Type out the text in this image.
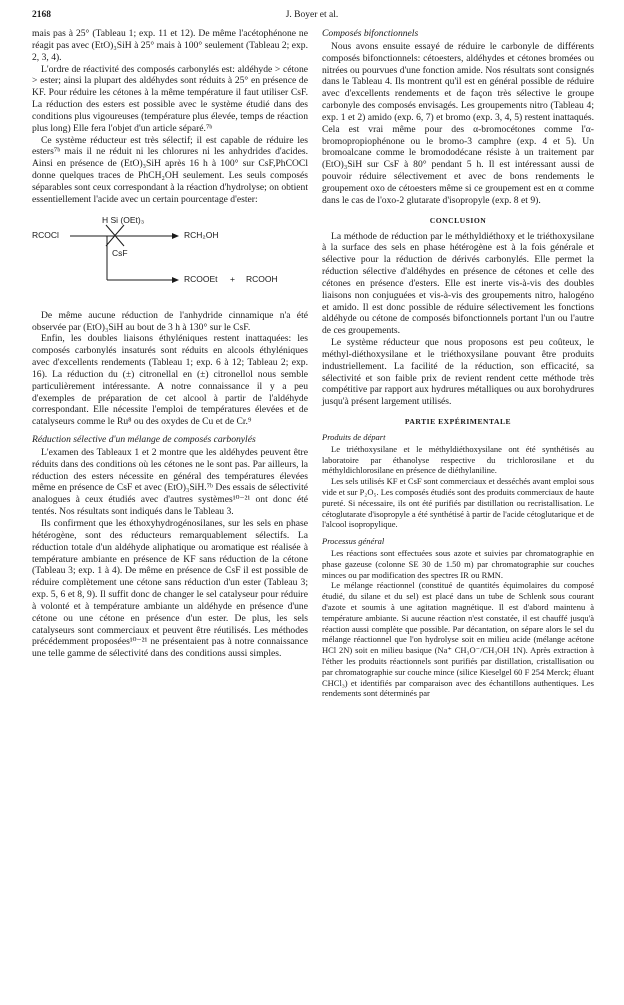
2168	J. Boyer et al.

mais pas à 25° (Tableau 1; exp. 11 et 12). De même l'acétophénone ne réagit pas avec (EtO)₃SiH à 25° mais à 100° seulement (Tableau 2; exp. 2, 3, 4).

L'ordre de réactivité des composés carbonylés est: aldéhyde > cétone > ester; ainsi la plupart des aldéhydes sont réduits à 25° en présence de KF. Pour réduire les cétones à la même température il faut utiliser CsF. La réduction des esters est possible avec le système étudié dans des conditions plus vigoureuses (température plus élevée, temps de réaction plus long) Elle fera l'objet d'un article séparé.⁷ᵇ

Ce système réducteur est très sélectif; il est capable de réduire les esters⁷ᵇ mais il ne réduit ni les chlorures ni les anhydrides d'acides. Ainsi en présence de (EtO)₃SiH après 16 h à 100° sur CsF,PhCOCl donne quelques traces de PhCH₂OH seulement. Les seuls composés séparables sont ceux correspondant à la réaction d'hydrolyse; on obtient essentiellement l'acide avec un certain pourcentage d'ester:

H Si (OEt)₃
RCOCl
CsF
RCH₂OH
RCOOEt + RCOOH

De même aucune réduction de l'anhydride cinnamique n'a été observée par (EtO)₃SiH au bout de 3 h à 130° sur le CsF.

Enfin, les doubles liaisons éthyléniques restent inattaquées: les composés carbonylés insaturés sont réduits en alcools éthyléniques avec d'excellents rendements (Tableau 1; exp. 6 à 12; Tableau 2; exp. 16). La réduction du (±) citronellal en (±) citronellol nous semble particulièrement intéressante. A notre connaissance il y a peu d'exemples de préparation de cet alcool à partir de l'aldéhyde correspondant. Elle nécessite l'emploi de températures élevées et de catalyseurs comme le Ru⁸ ou des oxydes de Cu et de Cr.⁹

Réduction sélective d'un mélange de composés carbonylés

L'examen des Tableaux 1 et 2 montre que les aldéhydes peuvent être réduits dans des conditions où les cétones ne le sont pas. Par ailleurs, la réduction des esters nécessite en général des températures élevées même en présence de CsF et avec (EtO)₃SiH.⁷ᵇ Des essais de sélectivité analogues à ceux étudiés avec d'autres systèmes¹⁰⁻²¹ ont donc été tentés. Nos résultats sont indiqués dans le Tableau 3.

Ils confirment que les éthoxyhydrogénosilanes, sur les sels en phase hétérogène, sont des réducteurs remarquablement sélectifs. La réduction totale d'un aldéhyde aliphatique ou aromatique est réalisée à température ambiante en présence de KF sans réduction de la cétone (Tableau 3; exp. 1 à 4). De même en présence de CsF il est possible de réduire complètement une cétone sans réduction d'un ester (Tableau 3; exp. 5, 6 et 8, 9). Il suffit donc de changer le sel catalyseur pour réduire à volonté et à température ambiante un aldéhyde en présence d'une cétone ou une cétone en présence d'un ester. De plus, les sels catalyseurs sont commerciaux et peuvent être réutilisés. Les méthodes précédemment proposées¹⁰⁻²¹ ne présentaient pas à notre connaissance une telle gamme de sélectivité dans des conditions aussi simples.

Composés bifonctionnels

Nous avons ensuite essayé de réduire le carbonyle de différents composés bifonctionnels: cétoesters, aldéhydes et cétones bromées ou nitrées ou pourvues d'une fonction amide. Nos résultats sont consignés dans le Tableau 4. Ils montrent qu'il est en général possible de réduire avec d'excellents rendements et de façon très sélective le groupe carbonyle des composés envisagés. Les groupements nitro (Tableau 4; exp. 1 et 2) amido (exp. 6, 7) et bromo (exp. 3, 4, 5) restent inattaqués. Cela est vrai même pour des α-bromocétones comme l'α-bromopropiophénone ou le bromo-3 camphre (exp. 4 et 5). Un bromoalcane comme le bromododécane résiste à un traitement par (EtO)₃SiH sur CsF à 80° pendant 5 h. Il est intéressant aussi de pouvoir réduire sélectivement et avec de bons rendements le groupement oxo de cétoesters même si ce groupement est en α comme dans le cas de l'oxo-2 glutarate d'isopropyle (exp. 8 et 9).

CONCLUSION

La méthode de réduction par le méthyldiéthoxy et le triéthoxysilane à la surface des sels en phase hétérogène est à la fois générale et sélective pour la réduction de dérivés carbonylés. Elle permet la réduction sélective d'aldéhydes en présence de cétones et celle des cétones en présence d'esters. Elle est inerte vis-à-vis des doubles liaisons non conjuguées et vis-à-vis des groupements nitro, halogéno et amido. Il est donc possible de réduire sélectivement les fonctions aldéhyde ou cétone de composés bifonctionnels portant l'un ou l'autre de ces groupements.

Le système réducteur que nous proposons est peu coûteux, le méthyl-diéthoxysilane et le triéthoxysilane pouvant être produits industriellement. La facilité de la réduction, son efficacité, sa sélectivité et son faible prix de revient rendent cette méthode très compétitive par rapport aux hydrures métalliques ou aux borohydrures jusqu'à présent largement utilisés.

PARTIE EXPÉRIMENTALE
Produits de départ

Le triéthoxysilane et le méthyldiéthoxysilane ont été synthétisés au laboratoire par éthanolyse respective du trichlorosilane et du méthyldichlorosilane en présence de diéthylaniline.

Les sels utilisés KF et CsF sont commerciaux et desséchés avant emploi sous vide et sur P₂O₅. Les composés étudiés sont des produits commerciaux de haute pureté. Si nécessaire, ils ont été purifiés par distillation ou recristallisation. Le cétoglutarate d'isopropyle a été synthétisé à partir de l'acide cétoglutarique et de l'alcool isopropylique.

Processus général

Les réactions sont effectuées sous azote et suivies par chromatographie en phase gazeuse (colonne SE 30 de 1.50 m) par chromatographie sur couches minces ou par modification des spectres IR ou RMN.

Le mélange réactionnel (constitué de quantités équimolaires du composé étudié, du silane et du sel) est placé dans un tube de Schlenk sous courant d'azote et soumis à une agitation magnétique. Il est d'abord maintenu à température ambiante. Si aucune réaction n'est constatée, il est chauffé jusqu'à réaction aussi complète que possible. Par décantation, on sépare alors le sel du mélange réactionnel que l'on hydrolyse soit en milieu acide (mélange acétone HCl 2N) soit en milieu basique (Na⁺ CH₃O⁻/CH₃OH 1N). Après extraction à l'éther les produits réactionnels sont purifiés par distillation, cristallisation ou par chromatographie sur couche mince (silice Kieselgel 60 F 254 Merck; éluant CHCl₃) et identifiés par comparaison avec des échantillons authentiques. Les rendements sont déterminés par
